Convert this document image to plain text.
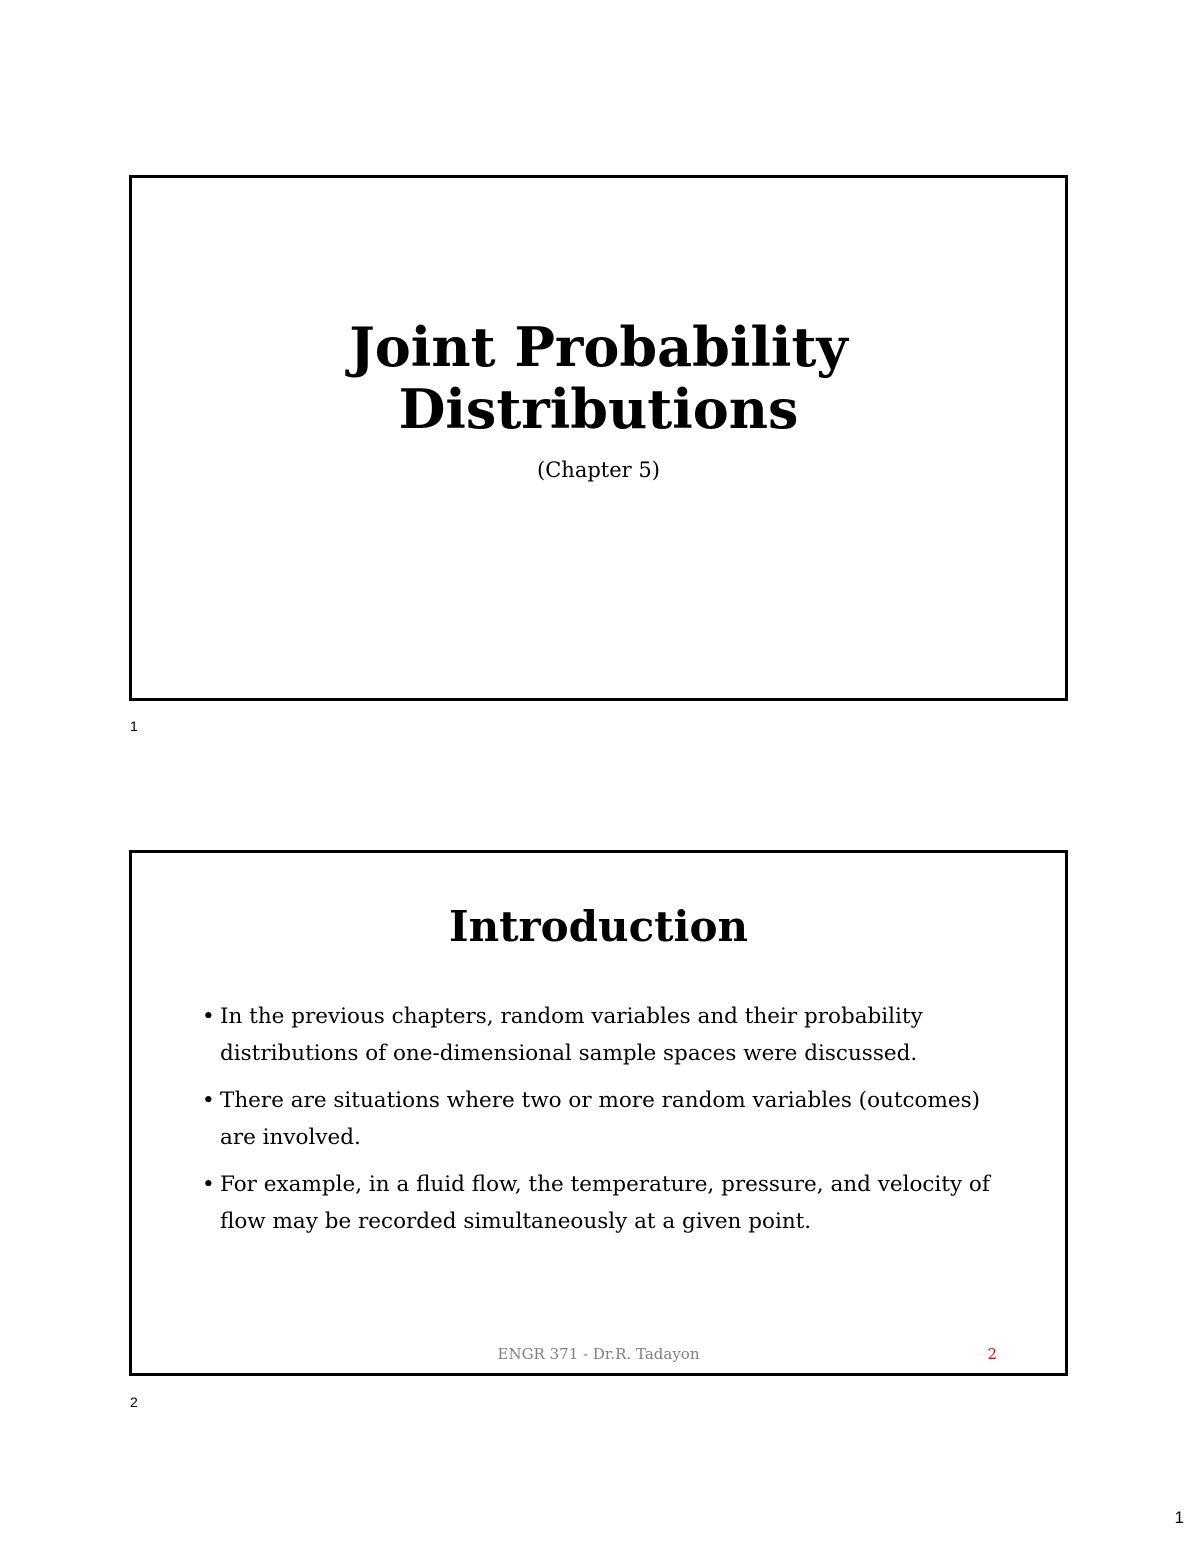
Joint Probability
Distributions
(Chapter 5)
1
Introduction
• In the previous chapters, random variables and their probability distributions of one-dimensional sample spaces were discussed.
• There are situations where two or more random variables (outcomes) are involved.
• For example, in a fluid flow, the temperature, pressure, and velocity of flow may be recorded simultaneously at a given point.
ENGR 371 - Dr.R. Tadayon	2
2
1
